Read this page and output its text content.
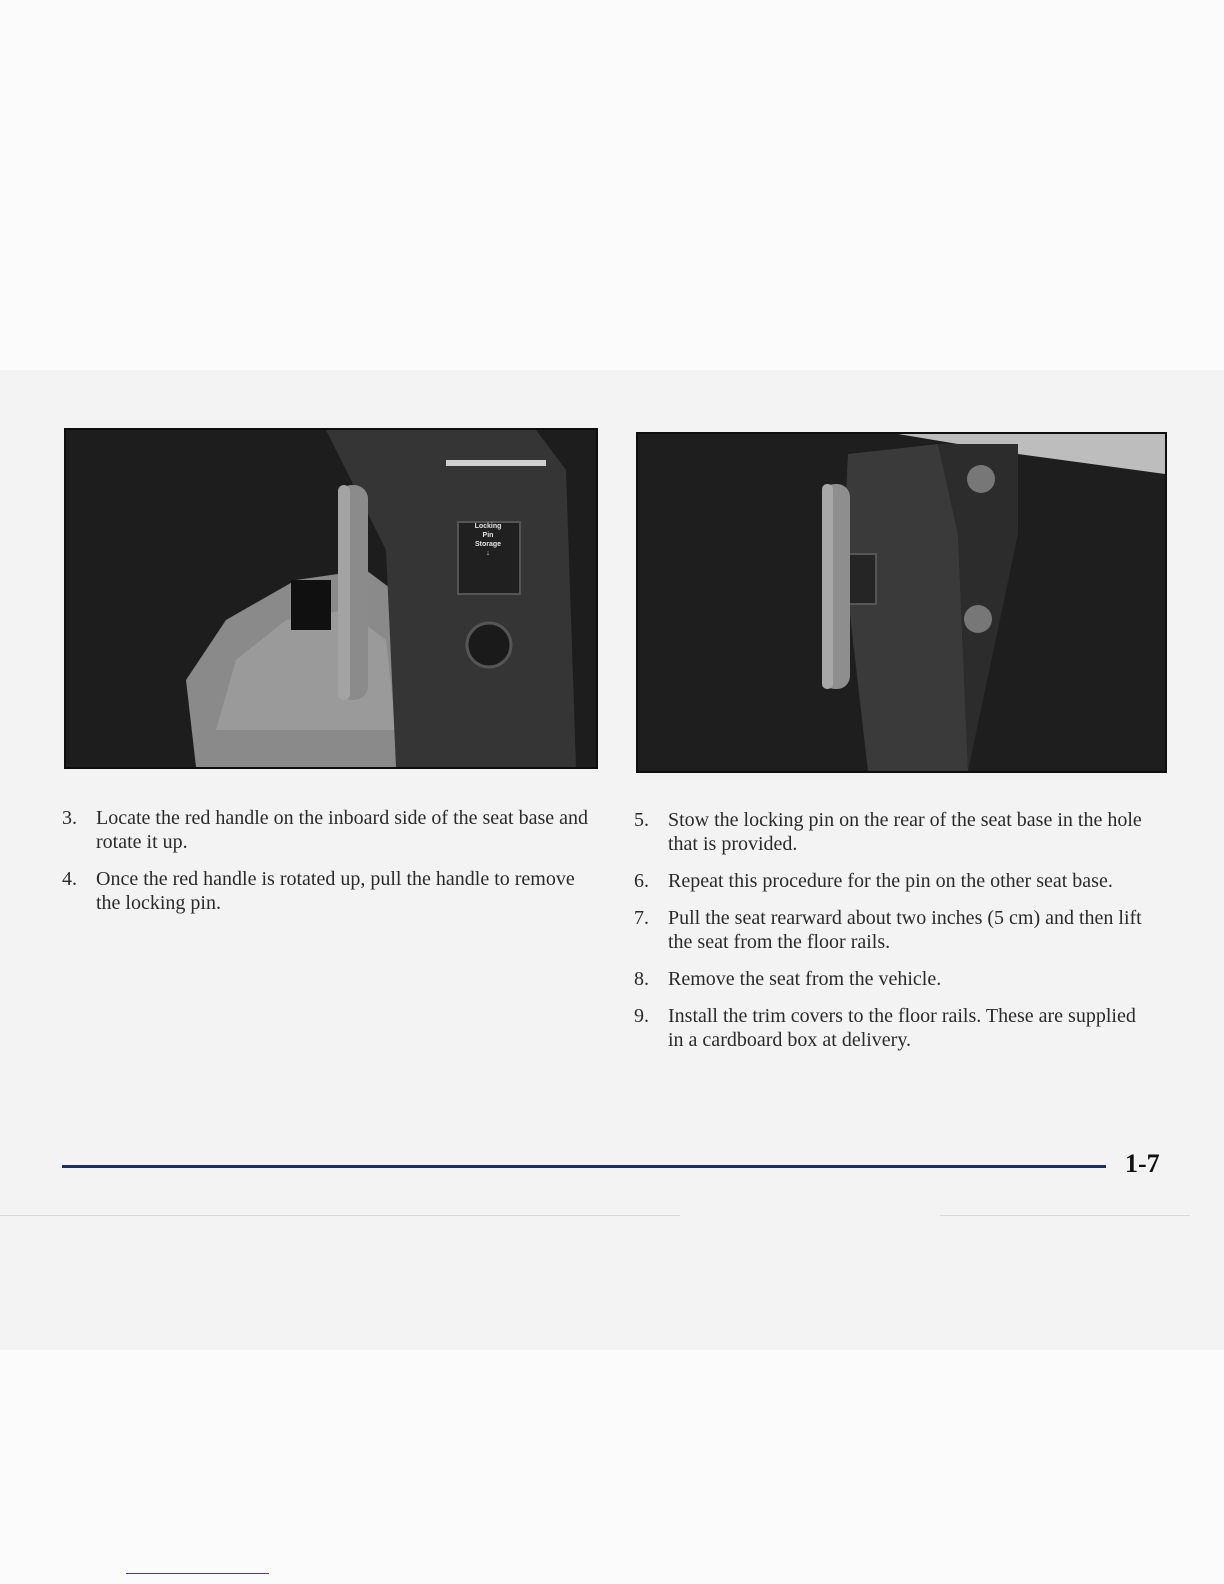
Locking
Pin
Storage
↓
3. Locate the red handle on the inboard side of the seat base and rotate it up.
4. Once the red handle is rotated up, pull the handle to remove the locking pin.
5. Stow the locking pin on the rear of the seat base in the hole that is provided.
6. Repeat this procedure for the pin on the other seat base.
7. Pull the seat rearward about two inches (5 cm) and then lift the seat from the floor rails.
8. Remove the seat from the vehicle.
9. Install the trim covers to the floor rails. These are supplied in a cardboard box at delivery.
1-7
